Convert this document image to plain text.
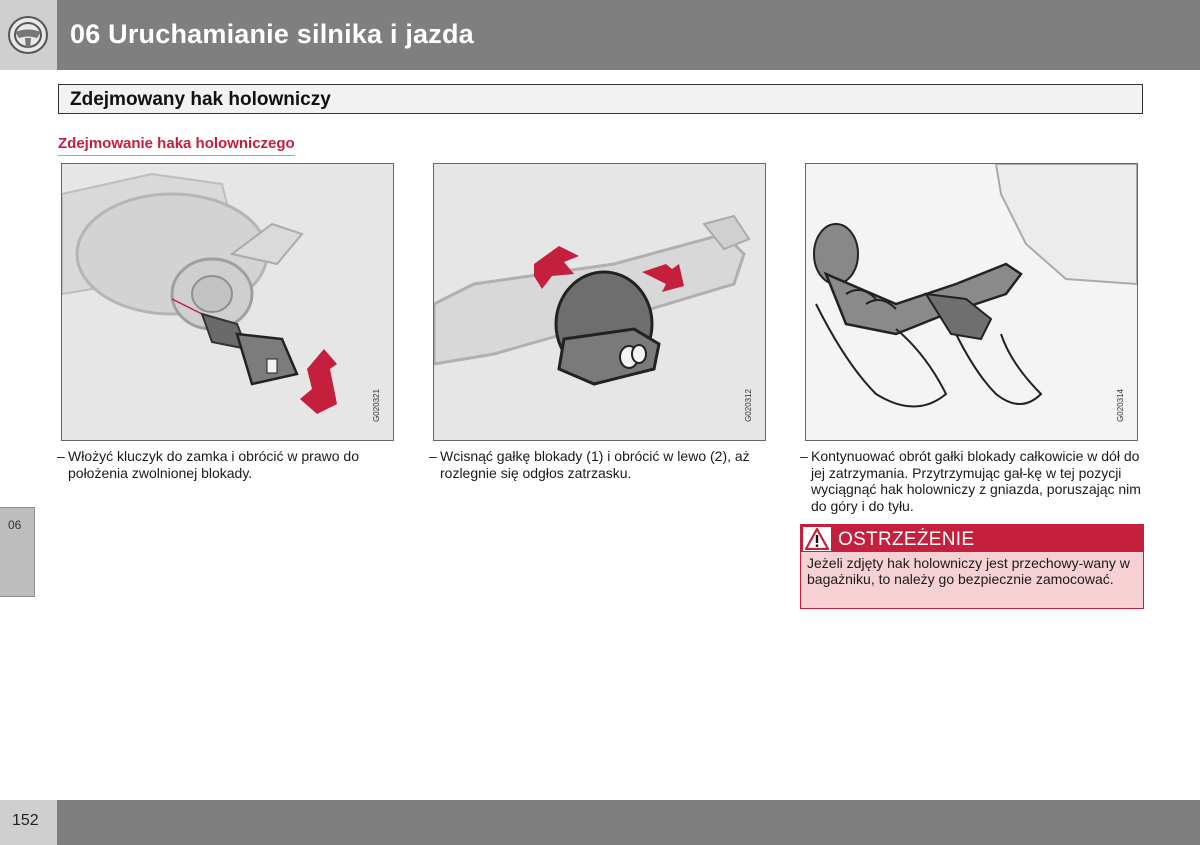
06 Uruchamianie silnika i jazda
Zdejmowany hak holowniczy
Zdejmowanie haka holowniczego
G020321	G020312	G020314
– Włożyć kluczyk do zamka i obrócić w prawo do położenia zwolnionej blokady.
– Wcisnąć gałkę blokady (1) i obrócić w lewo (2), aż rozlegnie się odgłos zatrzasku.
– Kontynuować obrót gałki blokady całkowicie w dół do jej zatrzymania. Przytrzymując gał-kę w tej pozycji wyciągnąć hak holowniczy z gniazda, poruszając nim do góry i do tyłu.
OSTRZEŻENIE
Jeżeli zdjęty hak holowniczy jest przechowy-wany w bagażniku, to należy go bezpiecznie zamocować.
06
152
